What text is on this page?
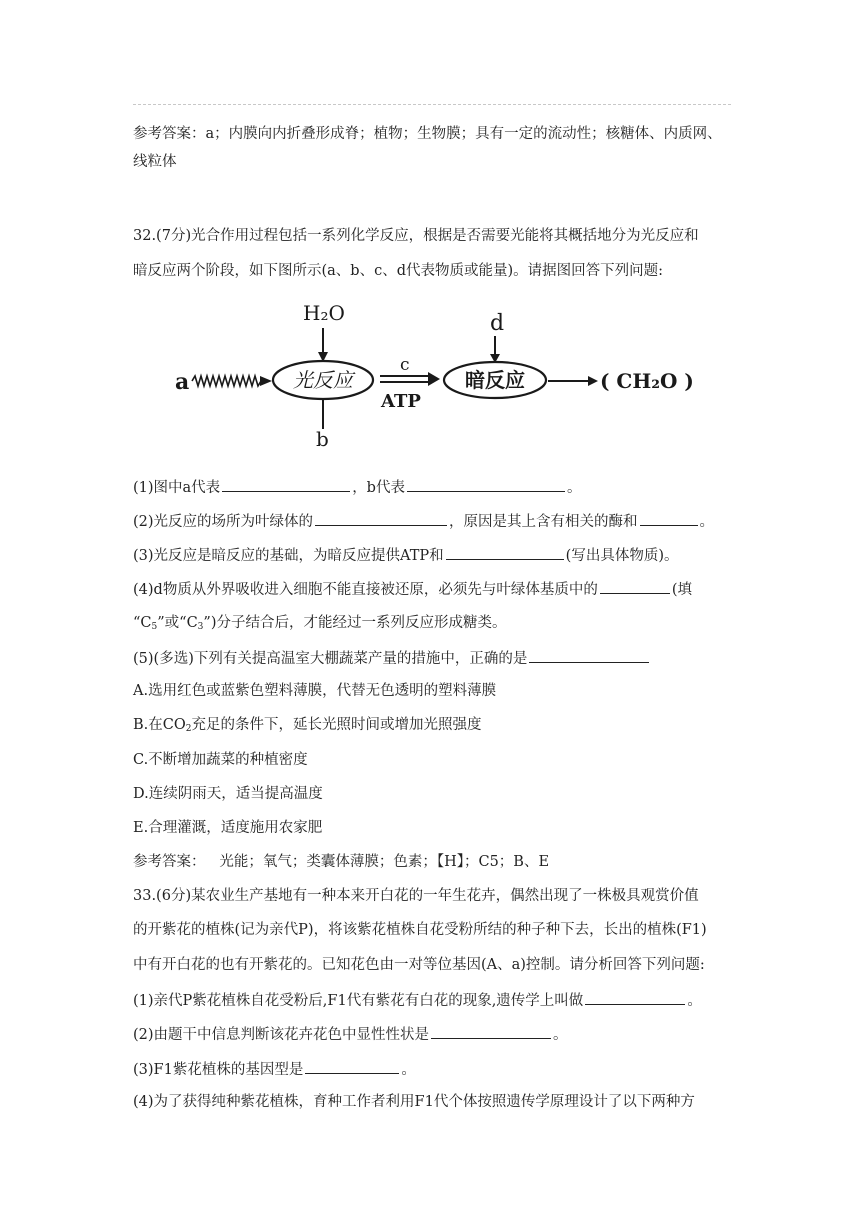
参考答案：a；内膜向内折叠形成脊；植物；生物膜；具有一定的流动性；核糖体、内质网、
线粒体
32.(7分)光合作用过程包括一系列化学反应，根据是否需要光能将其概括地分为光反应和
暗反应两个阶段，如下图所示(a、b、c、d代表物质或能量)。请据图回答下列问题:
a
H₂O
光反应
b
c
ATP
d
暗反应	( CH₂O )
(1)图中a代表	，b代表	。
(2)光反应的场所为叶绿体的	，原因是其上含有相关的酶和	。
(3)光反应是暗反应的基础，为暗反应提供ATP和	(写出具体物质)。
(4)d物质从外界吸收进入细胞不能直接被还原，必须先与叶绿体基质中的	(填
“$C_5$”或“$C_3$”)分子结合后，才能经过一系列反应形成糖类。
(5)(多选)下列有关提高温室大棚蔬菜产量的措施中，正确的是
A.选用红色或蓝紫色塑料薄膜，代替无色透明的塑料薄膜
B.在$CO_2$充足的条件下，延长光照时间或增加光照强度
C.不断增加蔬菜的种植密度
D.连续阴雨天，适当提高温度
E.合理灌溉，适度施用农家肥
参考答案：   光能；氧气；类囊体薄膜；色素；【H】；C5；B、E
33.(6分)某农业生产基地有一种本来开白花的一年生花卉，偶然出现了一株极具观赏价值
的开紫花的植株(记为亲代P)，将该紫花植株自花受粉所结的种子种下去，长出的植株(F1)
中有开白花的也有开紫花的。已知花色由一对等位基因(A、a)控制。请分析回答下列问题:
(1)亲代P紫花植株自花受粉后,F1代有紫花有白花的现象,遗传学上叫做	。
(2)由题干中信息判断该花卉花色中显性性状是	。
(3)F1紫花植株的基因型是	。
(4)为了获得纯种紫花植株，育种工作者利用F1代个体按照遗传学原理设计了以下两种方
